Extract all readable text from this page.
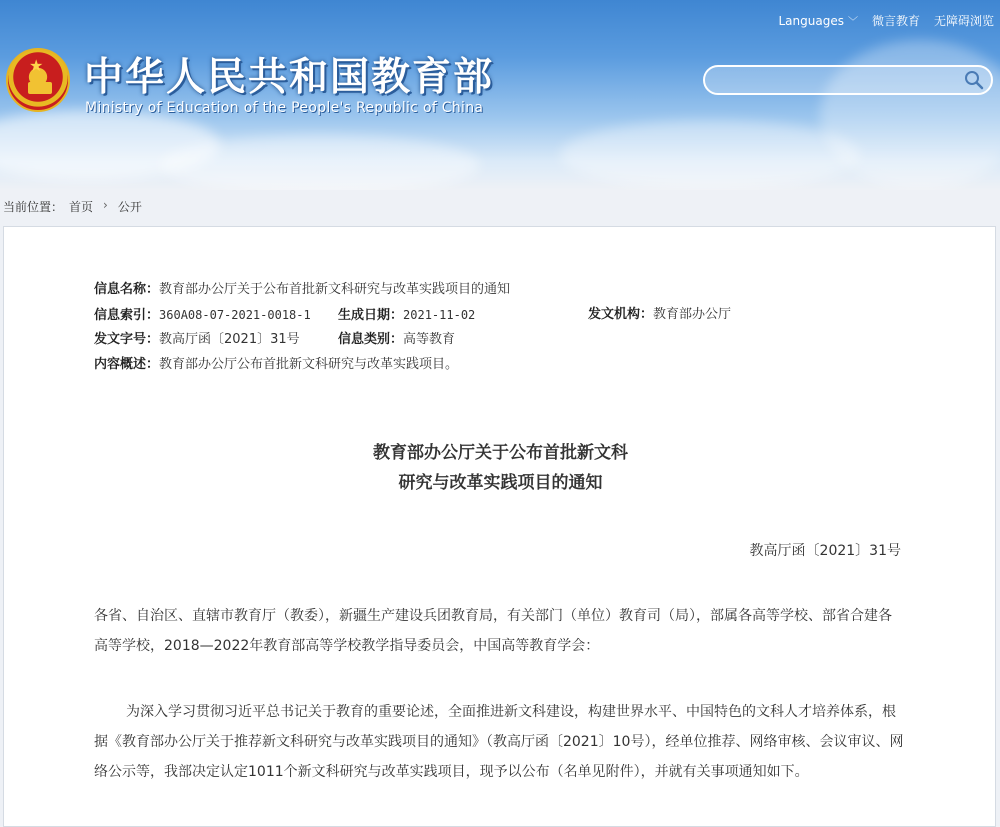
★ 中华人民共和国教育部
Ministry of Education of the People's Republic of China
Languages ﹀ 微言教育 无障碍浏览
当前位置： 首页 › 公开
信息名称：教育部办公厅关于公布首批新文科研究与改革实践项目的通知
信息索引：360A08-07-2021-0018-1 生成日期：2021-11-02	发文机构：教育部办公厅
发文字号：教高厅函〔2021〕31号	信息类别：高等教育
内容概述：教育部办公厅公布首批新文科研究与改革实践项目。
教育部办公厅关于公布首批新文科
研究与改革实践项目的通知
教高厅函〔2021〕31号

各省、自治区、直辖市教育厅（教委），新疆生产建设兵团教育局，有关部门（单位）教育司（局），部属各高等学校、部省合建各高等学校，2018—2022年教育部高等学校教学指导委员会，中国高等教育学会：

为深入学习贯彻习近平总书记关于教育的重要论述，全面推进新文科建设，构建世界水平、中国特色的文科人才培养体系，根据《教育部办公厅关于推荐新文科研究与改革实践项目的通知》（教高厅函〔2021〕10号），经单位推荐、网络审核、会议审议、网络公示等，我部决定认定1011个新文科研究与改革实践项目，现予以公布（名单见附件），并就有关事项通知如下。
